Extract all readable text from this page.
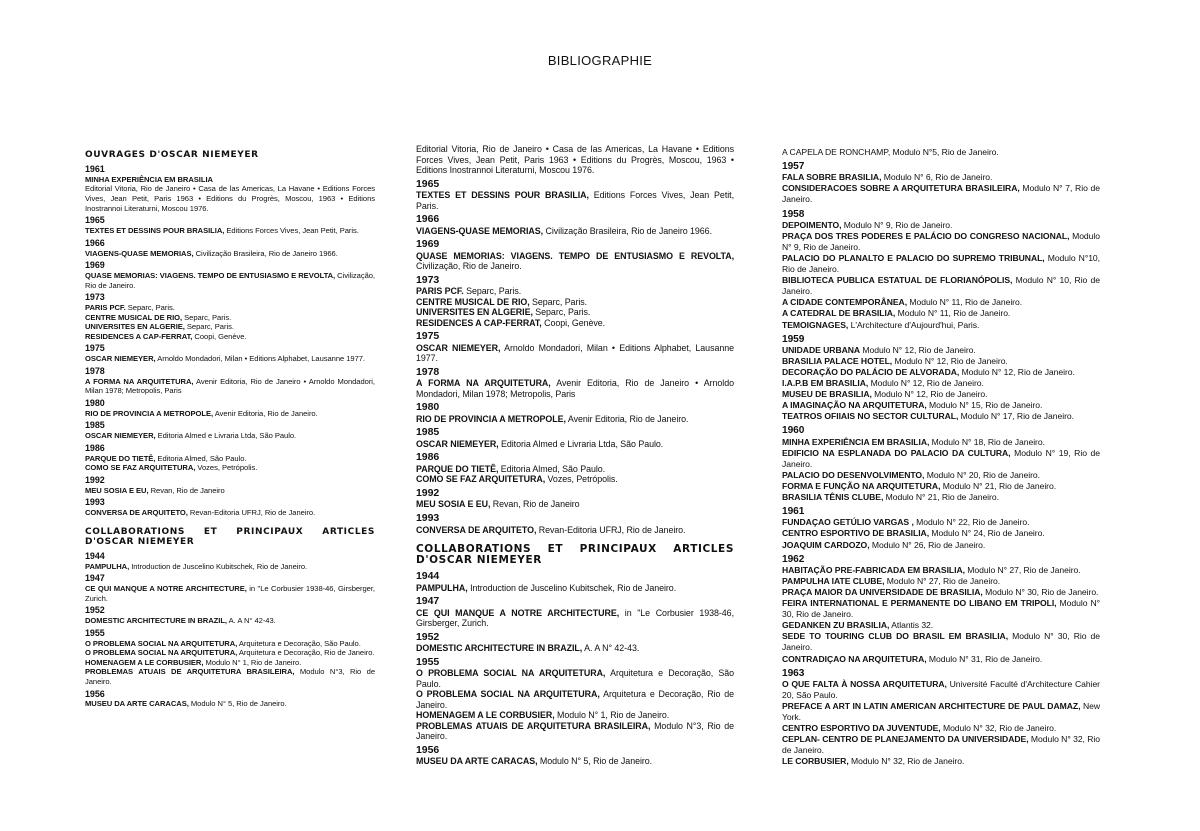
BIBLIOGRAPHIE
OUVRAGES D'OSCAR NIEMEYER
1961

MINHA EXPERIÊNCIA EM BRASILIA

Editorial Vitoria, Rio de Janeiro • Casa de las Americas, La Havane • Editions Forces Vives, Jean Petit, Paris 1963 • Editions du Progrès, Moscou, 1963 • Editions Inostrannoi Literaturni, Moscou 1976.

1965

TEXTES ET DESSINS POUR BRASILIA, Editions Forces Vives, Jean Petit, Paris.

1966

VIAGENS-QUASE MEMORIAS, Civilização Brasileira, Rio de Janeiro 1966.

1969

QUASE MEMORIAS: VIAGENS. TEMPO DE ENTUSIASMO E REVOLTA, Civilização, Rio de Janeiro.

1973

PARIS PCF. Separc, Paris.

CENTRE MUSICAL DE RIO, Separc, Paris.

UNIVERSITES EN ALGERIE, Separc, Paris.

RESIDENCES A CAP-FERRAT, Coopi, Genève.

1975

OSCAR NIEMEYER, Arnoldo Mondadori, Milan • Editions Alphabet, Lausanne 1977.

1978

A FORMA NA ARQUITETURA, Avenir Editoria, Rio de Janeiro • Arnoldo Mondadori, Milan 1978; Metropolis, Paris

1980

RIO DE PROVINCIA A METROPOLE, Avenir Editoria, Rio de Janeiro.

1985

OSCAR NIEMEYER, Editoria Almed e Livraria Ltda, São Paulo.

1986

PARQUE DO TIETÊ, Editoria Almed, São Paulo.

COMO SE FAZ ARQUITETURA, Vozes, Petrópolis.

1992

MEU SOSIA E EU, Revan, Rio de Janeiro

1993

CONVERSA DE ARQUITETO, Revan-Editoria UFRJ, Rio de Janeiro.

COLLABORATIONS ET PRINCIPAUX ARTICLES D'OSCAR NIEMEYER
1944

PAMPULHA, Introduction de Juscelino Kubitschek, Rio de Janeiro.

1947

CE QUI MANQUE A NOTRE ARCHITECTURE, in "Le Corbusier 1938-46, Girsberger, Zurich.

1952

DOMESTIC ARCHITECTURE IN BRAZIL, A. A N° 42-43.

1955

O PROBLEMA SOCIAL NA ARQUITETURA, Arquitetura e Decoração, São Paulo.

O PROBLEMA SOCIAL NA ARQUITETURA, Arquitetura e Decoração, Rio de Janeiro.

HOMENAGEM A LE CORBUSIER, Modulo N° 1, Rio de Janeiro.

PROBLEMAS ATUAIS DE ARQUITETURA BRASILEIRA, Modulo N°3, Rio de Janeiro.

1956

MUSEU DA ARTE CARACAS, Modulo N° 5, Rio de Janeiro.

Editorial Vitoria, Rio de Janeiro • Casa de las Americas, La Havane • Editions Forces Vives, Jean Petit, Paris 1963 • Editions du Progrès, Moscou, 1963 • Editions Inostrannoi Literaturni, Moscou 1976.

1965

TEXTES ET DESSINS POUR BRASILIA, Editions Forces Vives, Jean Petit, Paris.

1966

VIAGENS-QUASE MEMORIAS, Civilização Brasileira, Rio de Janeiro 1966.

1969

QUASE MEMORIAS: VIAGENS. TEMPO DE ENTUSIASMO E REVOLTA, Civilização, Rio de Janeiro.

1973

PARIS PCF. Separc, Paris.

CENTRE MUSICAL DE RIO, Separc, Paris.

UNIVERSITES EN ALGERIE, Separc, Paris.

RESIDENCES A CAP-FERRAT, Coopi, Genève.

1975

OSCAR NIEMEYER, Arnoldo Mondadori, Milan • Editions Alphabet, Lausanne 1977.

1978

A FORMA NA ARQUITETURA, Avenir Editoria, Rio de Janeiro • Arnoldo Mondadori, Milan 1978; Metropolis, Paris

1980

RIO DE PROVINCIA A METROPOLE, Avenir Editoria, Rio de Janeiro.

1985

OSCAR NIEMEYER, Editoria Almed e Livraria Ltda, São Paulo.

1986

PARQUE DO TIETÊ, Editoria Almed, São Paulo.

COMO SE FAZ ARQUITETURA, Vozes, Petrópolis.

1992

MEU SOSIA E EU, Revan, Rio de Janeiro

1993

CONVERSA DE ARQUITETO, Revan-Editoria UFRJ, Rio de Janeiro.

COLLABORATIONS ET PRINCIPAUX ARTICLES D'OSCAR NIEMEYER
1944

PAMPULHA, Introduction de Juscelino Kubitschek, Rio de Janeiro.

1947

CE QUI MANQUE A NOTRE ARCHITECTURE, in "Le Corbusier 1938-46, Girsberger, Zurich.

1952

DOMESTIC ARCHITECTURE IN BRAZIL, A. A N° 42-43.

1955

O PROBLEMA SOCIAL NA ARQUITETURA, Arquitetura e Decoração, São Paulo.

O PROBLEMA SOCIAL NA ARQUITETURA, Arquitetura e Decoração, Rio de Janeiro.

HOMENAGEM A LE CORBUSIER, Modulo N° 1, Rio de Janeiro.

PROBLEMAS ATUAIS DE ARQUITETURA BRASILEIRA, Modulo N°3, Rio de Janeiro.

1956

MUSEU DA ARTE CARACAS, Modulo N° 5, Rio de Janeiro.

A CAPELA DE RONCHAMP, Modulo N°5, Rio de Janeiro.

1957

FALA SOBRE BRASILIA, Modulo N° 6, Rio de Janeiro.

CONSIDERACOES SOBRE A ARQUITETURA BRASILEIRA, Modulo N° 7, Rio de Janeiro.

1958

DEPOIMENTO, Modulo N° 9, Rio de Janeiro.

PRAÇA DOS TRES PODERES E PALÁCIO DO CONGRESO NACIONAL, Modulo N° 9, Rio de Janeiro.

PALACIO DO PLANALTO E PALACIO DO SUPREMO TRIBUNAL, Modulo N°10, Rio de Janeiro.

BIBLIOTECA PUBLICA ESTATUAL DE FLORIANÓPOLIS, Modulo N° 10, Rio de Janeiro.

A CIDADE CONTEMPORÂNEA, Modulo N° 11, Rio de Janeiro.

A CATEDRAL DE BRASILIA, Modulo N° 11, Rio de Janeiro.

TEMOIGNAGES, L'Architecture d'Aujourd'hui, Paris.

1959

UNIDADE URBANA Modulo N° 12, Rio de Janeiro.

BRASILIA PALACE HOTEL, Modulo N° 12, Rio de Janeiro.

DECORAÇÃO DO PALÁCIO DE ALVORADA, Modulo N° 12, Rio de Janeiro.

I.A.P.B EM BRASILIA, Modulo N° 12, Rio de Janeiro.

MUSEU DE BRASILIA, Modulo N° 12, Rio de Janeiro.

A IMAGINAÇÃO NA ARQUITETURA, Modulo N° 15, Rio de Janeiro.

TEATROS OFIIAIS NO SECTOR CULTURAL, Modulo N° 17, Rio de Janeiro.

1960

MINHA EXPERIÊNCIA EM BRASILIA, Modulo N° 18, Rio de Janeiro.

EDIFICIO NA ESPLANADA DO PALACIO DA CULTURA, Modulo N° 19, Rio de Janeiro.

PALACIO DO DESENVOLVIMENTO, Modulo N° 20, Rio de Janeiro.

FORMA E FUNÇÃO NA ARQUITETURA, Modulo N° 21, Rio de Janeiro.

BRASILIA TÊNIS CLUBE, Modulo N° 21, Rio de Janeiro.

1961

FUNDAÇAO GETÚLIO VARGAS , Modulo N° 22, Rio de Janeiro.

CENTRO ESPORTIVO DE BRASILIA, Modulo N° 24, Rio de Janeiro.

JOAQUIM CARDOZO, Modulo N° 26, Rio de Janeiro.

1962

HABITAÇÃO PRE-FABRICADA EM BRASILIA, Modulo N° 27, Rio de Janeiro.

PAMPULHA IATE CLUBE, Modulo N° 27, Rio de Janeiro.

PRAÇA MAIOR DA UNIVERSIDADE DE BRASILIA, Modulo N° 30, Rio de Janeiro.

FEIRA INTERNATIONAL E PERMANENTE DO LIBANO EM TRIPOLI, Modulo N° 30, Rio de Janeiro.

GEDANKEN ZU BRASILIA, Atlantis 32.

SEDE TO TOURING CLUB DO BRASIL EM BRASILIA, Modulo N° 30, Rio de Janeiro.

CONTRADIÇAO NA ARQUITETURA, Modulo N° 31, Rio de Janeiro.

1963

O QUE FALTA À NOSSA ARQUITETURA, Université Faculté d'Architecture Cahier 20, São Paulo.

PREFACE A ART IN LATIN AMERICAN ARCHITECTURE DE PAUL DAMAZ, New York.

CENTRO ESPORTIVO DA JUVENTUDE, Modulo N° 32, Rio de Janeiro.

CEPLAN- CENTRO DE PLANEJAMENTO DA UNIVERSIDADE, Modulo N° 32, Rio de Janeiro.

LE CORBUSIER, Modulo N° 32, Rio de Janeiro.
